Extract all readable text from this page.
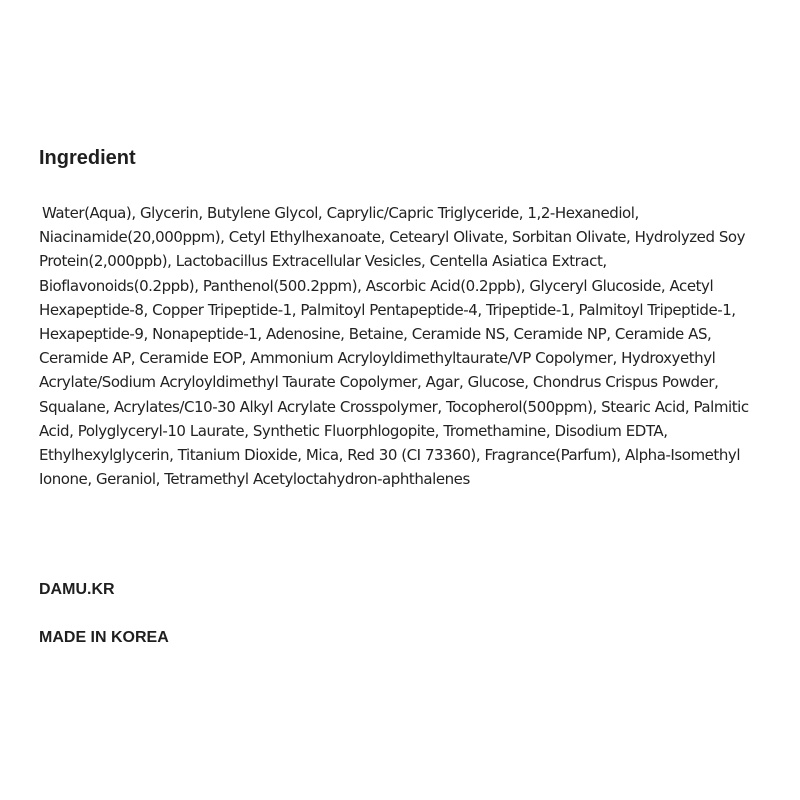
Ingredient

Water(Aqua), Glycerin, Butylene Glycol, Caprylic/Capric Triglyceride, 1,2-Hexanediol, Niacinamide(20,000ppm), Cetyl Ethylhexanoate, Cetearyl Olivate, Sorbitan Olivate, Hydrolyzed Soy Protein(2,000ppb), Lactobacillus Extracellular Vesicles, Centella Asiatica Extract, Bioflavonoids(0.2ppb), Panthenol(500.2ppm), Ascorbic Acid(0.2ppb), Glyceryl Glucoside, Acetyl Hexapeptide-8, Copper Tripeptide-1, Palmitoyl Pentapeptide-4, Tripeptide-1, Palmitoyl Tripeptide-1, Hexapeptide-9, Nonapeptide-1, Adenosine, Betaine, Ceramide NS, Ceramide NP, Ceramide AS, Ceramide AP, Ceramide EOP, Ammonium Acryloyldimethyltaurate/VP Copolymer, Hydroxyethyl Acrylate/Sodium Acryloyldimethyl Taurate Copolymer, Agar, Glucose, Chondrus Crispus Powder, Squalane, Acrylates/C10-30 Alkyl Acrylate Crosspolymer, Tocopherol(500ppm), Stearic Acid, Palmitic Acid, Polyglyceryl-10 Laurate, Synthetic Fluorphlogopite, Tromethamine, Disodium EDTA, Ethylhexylglycerin, Titanium Dioxide, Mica, Red 30 (CI 73360), Fragrance(Parfum), Alpha-Isomethyl Ionone, Geraniol, Tetramethyl Acetyloctahydron-aphthalenes

DAMU.KR
MADE IN KOREA
